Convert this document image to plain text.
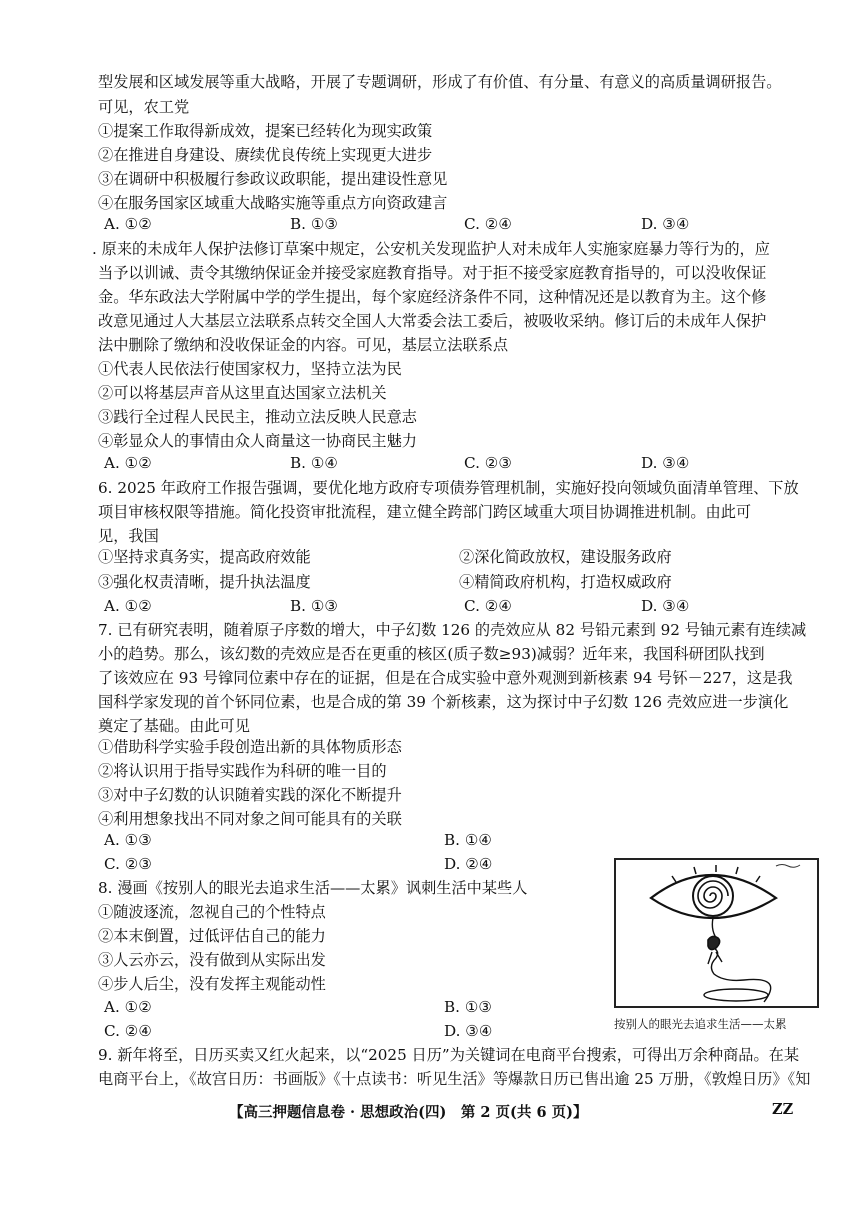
型发展和区域发展等重大战略，开展了专题调研，形成了有价值、有分量、有意义的高质量调研报告。
可见，农工党
①提案工作取得新成效，提案已经转化为现实政策
②在推进自身建设、赓续优良传统上实现更大进步
③在调研中积极履行参政议政职能，提出建设性意见
④在服务国家区域重大战略实施等重点方向资政建言
A. ①②	B. ①③	C. ②④	D. ③④
. 原来的未成年人保护法修订草案中规定，公安机关发现监护人对未成年人实施家庭暴力等行为的，应
当予以训诫、责令其缴纳保证金并接受家庭教育指导。对于拒不接受家庭教育指导的，可以没收保证
金。华东政法大学附属中学的学生提出，每个家庭经济条件不同，这种情况还是以教育为主。这个修
改意见通过人大基层立法联系点转交全国人大常委会法工委后，被吸收采纳。修订后的未成年人保护
法中删除了缴纳和没收保证金的内容。可见，基层立法联系点
①代表人民依法行使国家权力，坚持立法为民
②可以将基层声音从这里直达国家立法机关
③践行全过程人民民主，推动立法反映人民意志
④彰显众人的事情由众人商量这一协商民主魅力
A. ①②	B. ①④	C. ②③	D. ③④
6. 2025 年政府工作报告强调，要优化地方政府专项债券管理机制，实施好投向领域负面清单管理、下放
项目审核权限等措施。简化投资审批流程，建立健全跨部门跨区域重大项目协调推进机制。由此可
见，我国
①坚持求真务实，提高政府效能	②深化简政放权，建设服务政府
③强化权责清晰，提升执法温度	④精简政府机构，打造权威政府
A. ①②	B. ①③	C. ②④	D. ③④
7. 已有研究表明，随着原子序数的增大，中子幻数 126 的壳效应从 82 号铅元素到 92 号铀元素有连续减
小的趋势。那么，该幻数的壳效应是否在更重的核区(质子数≥93)减弱？近年来，我国科研团队找到
了该效应在 93 号镎同位素中存在的证据，但是在合成实验中意外观测到新核素 94 号钚－227，这是我
国科学家发现的首个钚同位素，也是合成的第 39 个新核素，这为探讨中子幻数 126 壳效应进一步演化
奠定了基础。由此可见
①借助科学实验手段创造出新的具体物质形态
②将认识用于指导实践作为科研的唯一目的
③对中子幻数的认识随着实践的深化不断提升
④利用想象找出不同对象之间可能具有的关联
A. ①③	B. ①④
C. ②③	D. ②④
8. 漫画《按别人的眼光去追求生活——太累》讽刺生活中某些人
①随波逐流，忽视自己的个性特点
②本末倒置，过低评估自己的能力
③人云亦云，没有做到从实际出发
④步人后尘，没有发挥主观能动性
A. ①②	B. ①③
C. ②④	D. ③④	按别人的眼光去追求生活——太累
9. 新年将至，日历买卖又红火起来，以“2025 日历”为关键词在电商平台搜索，可得出万余种商品。在某
电商平台上，《故宫日历：书画版》《十点读书：听见生活》等爆款日历已售出逾 25 万册，《敦煌日历》《知
【高三押题信息卷 · 思想政治(四)　第 2 页(共 6 页)】	ZZ
